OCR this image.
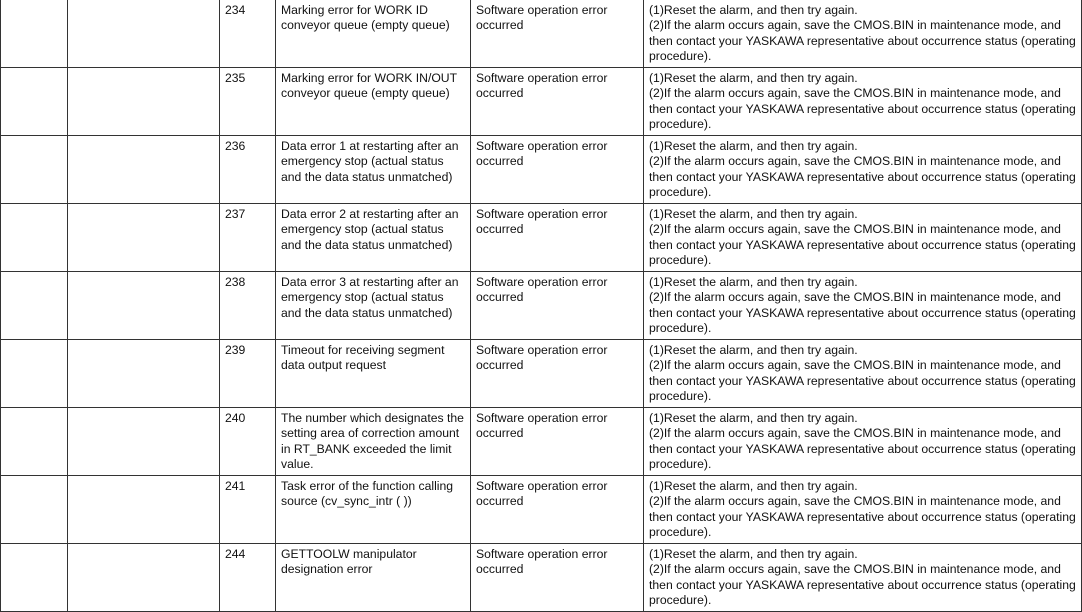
		234	Marking error for WORK ID conveyor queue (empty queue)	Software operation error occurred	(1)Reset the alarm, and then try again.
(2)If the alarm occurs again, save the CMOS.BIN in maintenance mode, and then contact your YASKAWA representative about occurrence status (operating procedure).

		235	Marking error for WORK IN/OUT conveyor queue (empty queue)	Software operation error occurred	(1)Reset the alarm, and then try again.
(2)If the alarm occurs again, save the CMOS.BIN in maintenance mode, and then contact your YASKAWA representative about occurrence status (operating procedure).

		236	Data error 1 at restarting after an emergency stop (actual status and the data status unmatched)	Software operation error occurred	(1)Reset the alarm, and then try again.
(2)If the alarm occurs again, save the CMOS.BIN in maintenance mode, and then contact your YASKAWA representative about occurrence status (operating procedure).

		237	Data error 2 at restarting after an emergency stop (actual status and the data status unmatched)	Software operation error occurred	(1)Reset the alarm, and then try again.
(2)If the alarm occurs again, save the CMOS.BIN in maintenance mode, and then contact your YASKAWA representative about occurrence status (operating procedure).

		238	Data error 3 at restarting after an emergency stop (actual status and the data status unmatched)	Software operation error occurred	(1)Reset the alarm, and then try again.
(2)If the alarm occurs again, save the CMOS.BIN in maintenance mode, and then contact your YASKAWA representative about occurrence status (operating procedure).

		239	Timeout for receiving segment data output request	Software operation error occurred	(1)Reset the alarm, and then try again.
(2)If the alarm occurs again, save the CMOS.BIN in maintenance mode, and then contact your YASKAWA representative about occurrence status (operating procedure).

		240	The number which designates the setting area of correction amount in RT_BANK exceeded the limit value.	Software operation error occurred	(1)Reset the alarm, and then try again.
(2)If the alarm occurs again, save the CMOS.BIN in maintenance mode, and then contact your YASKAWA representative about occurrence status (operating procedure).

		241	Task error of the function calling source (cv_sync_intr ( ))	Software operation error occurred	(1)Reset the alarm, and then try again.
(2)If the alarm occurs again, save the CMOS.BIN in maintenance mode, and then contact your YASKAWA representative about occurrence status (operating procedure).

		244	GETTOOLW manipulator designation error	Software operation error occurred	(1)Reset the alarm, and then try again.
(2)If the alarm occurs again, save the CMOS.BIN in maintenance mode, and then contact your YASKAWA representative about occurrence status (operating procedure).
